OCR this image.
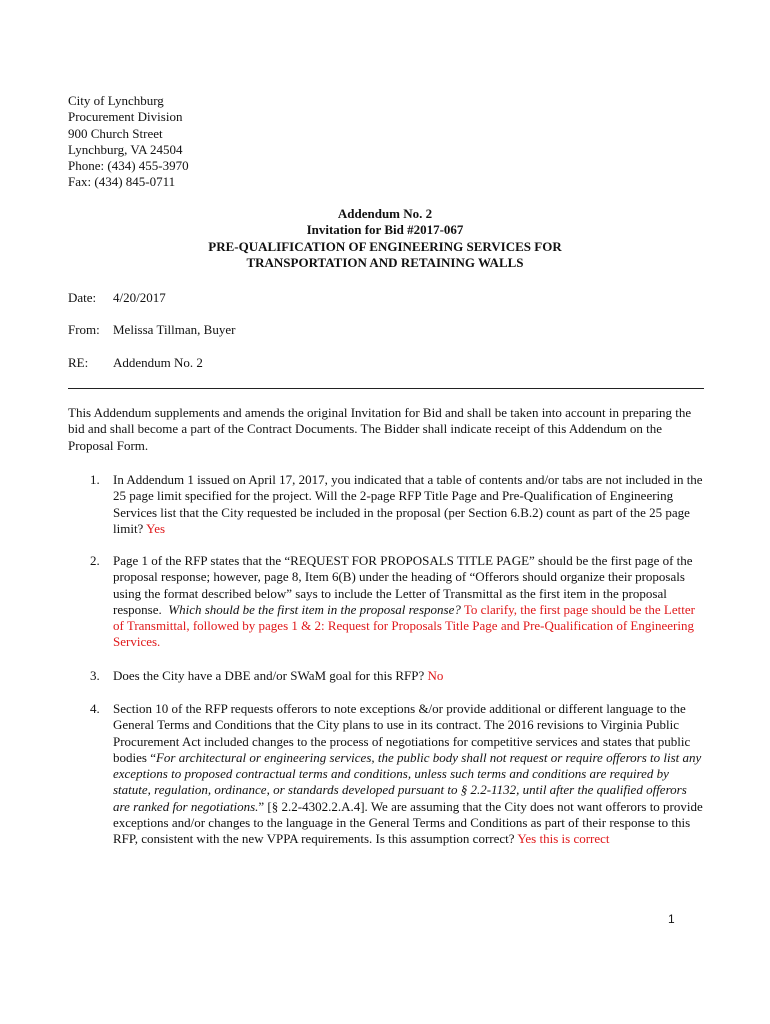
City of Lynchburg
Procurement Division
900 Church Street
Lynchburg, VA 24504
Phone: (434) 455-3970
Fax: (434) 845-0711
Addendum No. 2
Invitation for Bid #2017-067
PRE-QUALIFICATION OF ENGINEERING SERVICES FOR
TRANSPORTATION AND RETAINING WALLS
Date: 4/20/2017
From: Melissa Tillman, Buyer
RE: Addendum No. 2
This Addendum supplements and amends the original Invitation for Bid and shall be taken into account in preparing the bid and shall become a part of the Contract Documents. The Bidder shall indicate receipt of this Addendum on the Proposal Form.
1. In Addendum 1 issued on April 17, 2017, you indicated that a table of contents and/or tabs are not included in the 25 page limit specified for the project. Will the 2-page RFP Title Page and Pre-Qualification of Engineering Services list that the City requested be included in the proposal (per Section 6.B.2) count as part of the 25 page limit? Yes
2. Page 1 of the RFP states that the “REQUEST FOR PROPOSALS TITLE PAGE” should be the first page of the proposal response; however, page 8, Item 6(B) under the heading of “Offerors should organize their proposals using the format described below” says to include the Letter of Transmittal as the first item in the proposal response. Which should be the first item in the proposal response? To clarify, the first page should be the Letter of Transmittal, followed by pages 1 & 2: Request for Proposals Title Page and Pre-Qualification of Engineering Services.
3. Does the City have a DBE and/or SWaM goal for this RFP? No
4. Section 10 of the RFP requests offerors to note exceptions &/or provide additional or different language to the General Terms and Conditions that the City plans to use in its contract. The 2016 revisions to Virginia Public Procurement Act included changes to the process of negotiations for competitive services and states that public bodies “For architectural or engineering services, the public body shall not request or require offerors to list any exceptions to proposed contractual terms and conditions, unless such terms and conditions are required by statute, regulation, ordinance, or standards developed pursuant to § 2.2-1132, until after the qualified offerors are ranked for negotiations.” [§ 2.2-4302.2.A.4]. We are assuming that the City does not want offerors to provide exceptions and/or changes to the language in the General Terms and Conditions as part of their response to this RFP, consistent with the new VPPA requirements. Is this assumption correct? Yes this is correct
1
